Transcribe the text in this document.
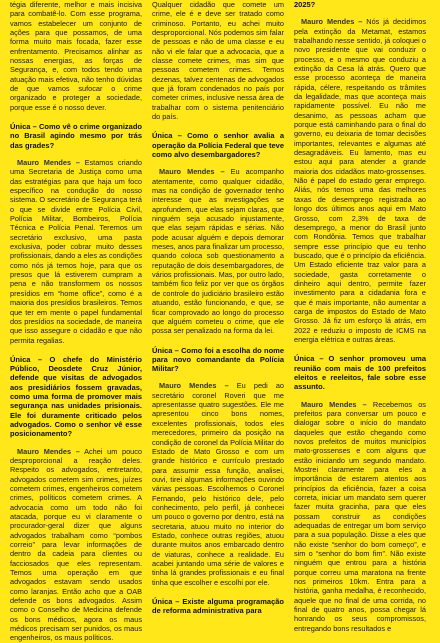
tégia diferente, melhor e mais incisiva para combatê-lo. Com esse programa, vamos estabelecer um conjunto de ações para que possamos, de uma forma muito mais focada, fazer esse enfrentamento. Precisamos alinhar as nossas energias, as forças de Segurança, e, com todos tendo uma atuação mais efetiva, não tenho dúvidas de que vamos sufocar o crime organizado e proteger a sociedade, porque esse é o nosso dever.

Única – Como vê o crime organizado no Brasil agindo mesmo por trás das grades?

Mauro Mendes – Estamos criando uma Secretaria de Justiça como uma das estratégias para que haja um foco específico na condução do nosso sistema. O secretário de Segurança terá o que se divide entre Polícia Civil, Polícia Militar, Bombeiros, Polícia Técnica e Polícia Penal. Teremos um secretário exclusivo, uma pasta exclusiva, poder cobrar muito desses profissionais, dando a eles as condições como nós já temos hoje, para que os presos que lá estiverem cumpram a pena e não transformem os nossos presídios em “home office”, como é a maioria dos presídios brasileiros. Temos que ter em mente o papel fundamental dos presídios na sociedade, de maneira que isso assegure o cidadão e que não permita regalias.

Única – O chefe do Ministério Público, Deosdete Cruz Júnior, defende que visitas de advogados aos presidiários fossem gravadas, como uma forma de promover mais segurança nas unidades prisionais. Ele foi duramente criticado pelos advogados. Como o senhor vê esse posicionamento?

Mauro Mendes – Achei um pouco desproporcional a reação deles. Respeito os advogados, entretanto, advogados cometem sim crimes, juízes cometem crimes, engenheiros cometem crimes, políticos cometem crimes. A advocacia como um todo não foi atacada, porque eu vi claramente o procurador-geral dizer que alguns advogados trabalham como “pombos correio” para levar informações de dentro da cadeia para clientes ou facciosados que eles representam. Temos uma operação em que advogados estavam sendo usados como laranjas. Então acho que a OAB defende os bons advogados. Assim como o Conselho de Medicina defende os bons médicos, agora os maus médicos precisam ser punidos, os maus engenheiros, os maus políticos.

Qualquer cidadão que comete um crime, ele é e deve ser tratado como criminoso. Portanto, eu achei muito desproporcional. Nós podemos sim falar de pessoas e não de uma classe e eu não vi ele falar que a advocacia, que a classe comete crimes, mas sim que pessoas cometem crimes. Temos dezenas, talvez centenas de advogados que já foram condenados no país por cometer crimes, inclusive nessa área de trabalhar com o sistema penitenciário do país.

Única – Como o senhor avalia a operação da Polícia Federal que teve como alvo desembargadores?

Mauro Mendes – Eu acompanho atentamente, como qualquer cidadão, mas na condição de governador tenho interesse que as investigações se aprofundem, que elas sejam claras, que ninguém seja acusado injustamente, que elas sejam rápidas e sérias. Não pode acusar alguém e depois demorar meses, anos para finalizar um processo, quando coloca sob questionamento a reputação de dois desembargadores, de vários profissionais. Mas, por outro lado, também fico feliz por ver que os órgãos de controle do judiciário brasileiro estão atuando, estão funcionando, e que, se ficar comprovado ao longo do processo que alguém cometeu o crime, que ele possa ser penalizado na forma da lei.

Única – Como foi a escolha do nome para novo comandante da Polícia Militar?

Mauro Mendes – Eu pedi ao secretário coronel Roveri que me apresentasse quatro sugestões. Ele me apresentou cinco bons nomes, excelentes profissionais, todos eles merecedores, primeiro da posição na condição de coronel da Polícia Militar do Estado de Mato Grosso e com um grande histórico e currículo prestado para assumir essa função, analisei, ouvi, tirei algumas informações ouvindo várias pessoas. Escolhemos o Coronel Fernando, pelo histórico dele, pelo conhecimento, pelo perfil, já conhecei um pouco o governo por dentro, está na secretaria, atuou muito no interior do Estado, conhece outras regiões, atuou durante muitos anos embarcado dentro de viaturas, conhece a realidade. Eu acabei juntando uma série de valores e tinha lá grandes profissionais e eu final tinha que escolher e escolhi por ele.

Única – Existe alguma programação de reforma administrativa para

2025?

Mauro Mendes – Nós já decidimos pela extinção da Metamat, estamos trabalhando nesse sentido, já coloquei o novo presidente que vai conduzir o processo, e o mesmo que conduziu a extinção da Cesa lá atrás. Quero que esse processo aconteça de maneira rápida, célere, respeitando os trâmites da legalidade, mas que aconteça mais rapidamente possível. Eu não me desanimo, as pessoas acham que porque está caminhando para o final do governo, eu deixaria de tomar decisões importantes, relevantes e algumas até desagradáveis. Eu lamento, mas eu estou aqui para atender a grande maioria dos cidadãos mato-grossenses. Não é papel do estado gerar emprego. Aliás, nós temos uma das melhores taxas de desemprego registrada ao longo dos últimos anos aqui em Mato Grosso, com 2,3% de taxa de desemprego, a menor do Brasil junto com Rondônia. Temos que trabalhar sempre esse princípio que eu tenho buscado, que é o princípio da eficiência. Um Estado eficiente traz valor para a sociedade, gasta corretamente o dinheiro aqui dentro, permite fazer investimento para a cidadania fora e que é mais importante, não aumentar a carga de impostos do Estado de Mato Grosso. Já fiz um esforço lá atrás, em 2022 e reduziu o imposto de ICMS na energia elétrica e outras áreas.

Única – O senhor promoveu uma reunião com mais de 100 prefeitos eleitos e reeleitos, fale sobre esse assunto.

Mauro Mendes – Recebemos os prefeitos para conversar um pouco e dialogar sobre o início do mandato daqueles que estão chegando como novos prefeitos de muitos municípios mato-grossenses e com alguns que estão iniciando um segundo mandato. Mostrei claramente para eles a importância de estarem atentos aos princípios da eficiência, fazer a coisa correta, iniciar um mandato sem querer fazer muita gracinha, para que eles possam construir as condições adequadas de entregar um bom serviço para a sua população. Disse a eles que não existe “senhor do bom começo”, e sim o “senhor do bom fim”. Não existe ninguém que entrou para a história porque correu uma maratona na frente nos primeiros 10km. Entra para a história, ganha medalha, é reconhecido, aquele que no final de uma corrida, no final de quatro anos, possa chegar lá honrando os seus compromissos, entregando bons resultados e
